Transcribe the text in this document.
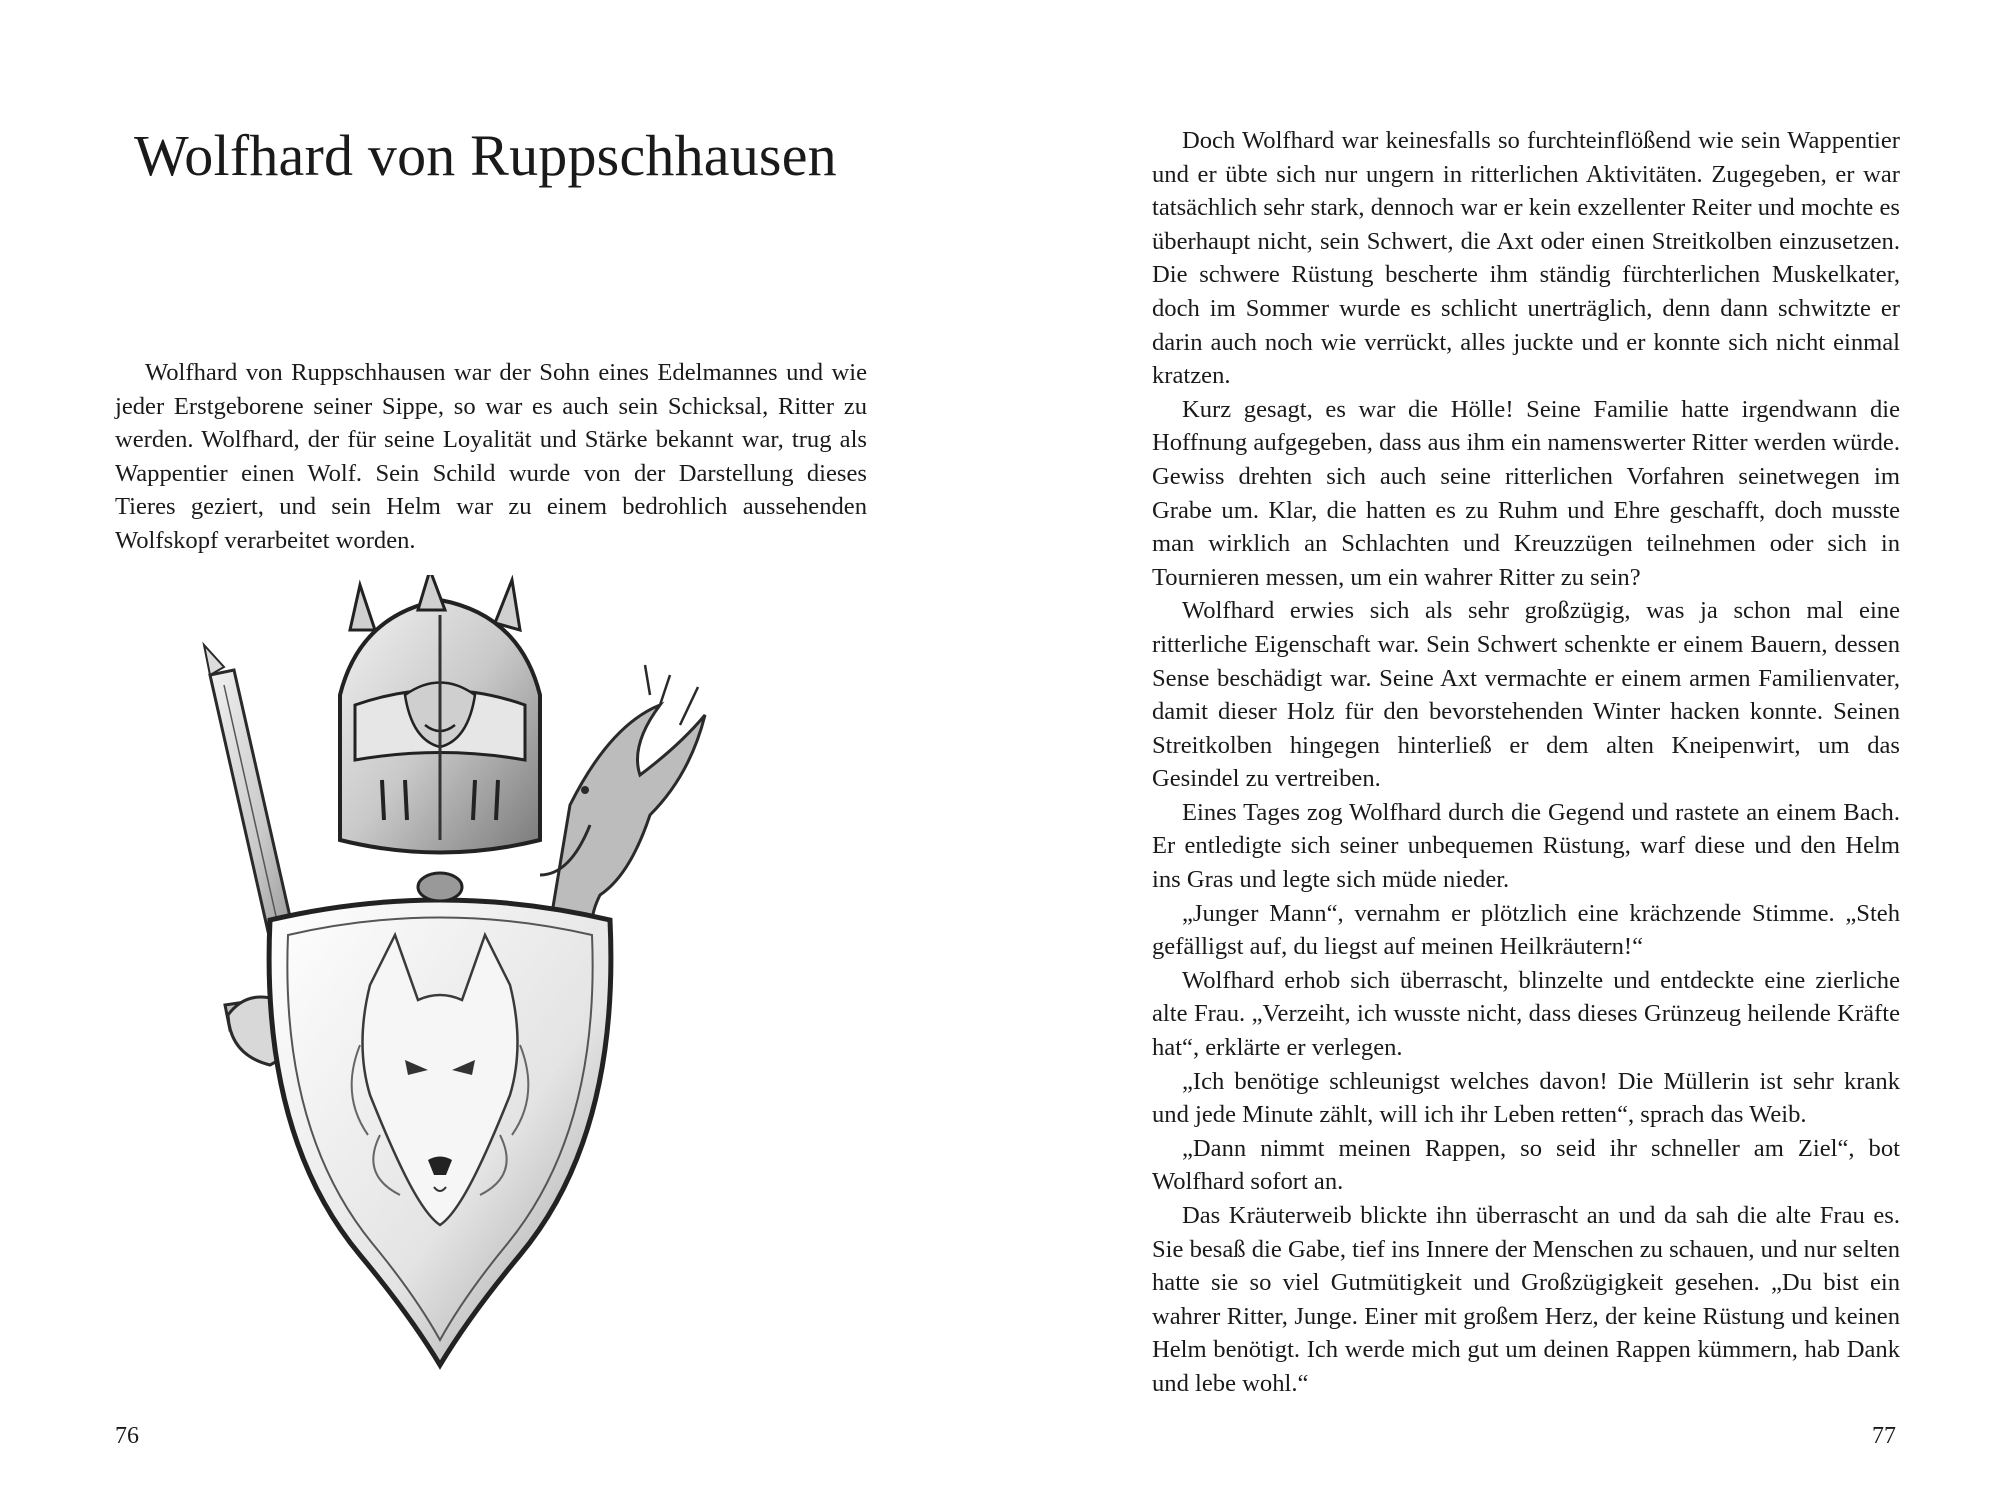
Wolfhard von Ruppschhausen

Wolfhard von Ruppschhausen war der Sohn eines Edelmannes und wie jeder Erstgeborene seiner Sippe, so war es auch sein Schicksal, Ritter zu werden. Wolfhard, der für seine Loyalität und Stärke bekannt war, trug als Wappentier einen Wolf. Sein Schild wurde von der Darstellung dieses Tieres geziert, und sein Helm war zu einem bedrohlich aussehenden Wolfskopf verarbeitet worden.

76

Doch Wolfhard war keinesfalls so furchteinflößend wie sein Wappentier und er übte sich nur ungern in ritterlichen Aktivitäten. Zugegeben, er war tatsächlich sehr stark, dennoch war er kein exzellenter Reiter und mochte es überhaupt nicht, sein Schwert, die Axt oder einen Streitkolben einzusetzen. Die schwere Rüstung bescherte ihm ständig fürchterlichen Muskelkater, doch im Sommer wurde es schlicht unerträglich, denn dann schwitzte er darin auch noch wie verrückt, alles juckte und er konnte sich nicht einmal kratzen.

Kurz gesagt, es war die Hölle! Seine Familie hatte irgendwann die Hoffnung aufgegeben, dass aus ihm ein namenswerter Ritter werden würde. Gewiss drehten sich auch seine ritterlichen Vorfahren seinetwegen im Grabe um. Klar, die hatten es zu Ruhm und Ehre geschafft, doch musste man wirklich an Schlachten und Kreuzzügen teilnehmen oder sich in Tournieren messen, um ein wahrer Ritter zu sein?

Wolfhard erwies sich als sehr großzügig, was ja schon mal eine ritterliche Eigenschaft war. Sein Schwert schenkte er einem Bauern, dessen Sense beschädigt war. Seine Axt vermachte er einem armen Familienvater, damit dieser Holz für den bevorstehenden Winter hacken konnte. Seinen Streitkolben hingegen hinterließ er dem alten Kneipenwirt, um das Gesindel zu vertreiben.

Eines Tages zog Wolfhard durch die Gegend und rastete an einem Bach. Er entledigte sich seiner unbequemen Rüstung, warf diese und den Helm ins Gras und legte sich müde nieder.

„Junger Mann“, vernahm er plötzlich eine krächzende Stimme. „Steh gefälligst auf, du liegst auf meinen Heilkräutern!“

Wolfhard erhob sich überrascht, blinzelte und entdeckte eine zierliche alte Frau. „Verzeiht, ich wusste nicht, dass dieses Grünzeug heilende Kräfte hat“, erklärte er verlegen.

„Ich benötige schleunigst welches davon! Die Müllerin ist sehr krank und jede Minute zählt, will ich ihr Leben retten“, sprach das Weib.

„Dann nimmt meinen Rappen, so seid ihr schneller am Ziel“, bot Wolfhard sofort an.

Das Kräuterweib blickte ihn überrascht an und da sah die alte Frau es. Sie besaß die Gabe, tief ins Innere der Menschen zu schauen, und nur selten hatte sie so viel Gutmütigkeit und Großzügigkeit gesehen. „Du bist ein wahrer Ritter, Junge. Einer mit großem Herz, der keine Rüstung und keinen Helm benötigt. Ich werde mich gut um deinen Rappen kümmern, hab Dank und lebe wohl.“

77
